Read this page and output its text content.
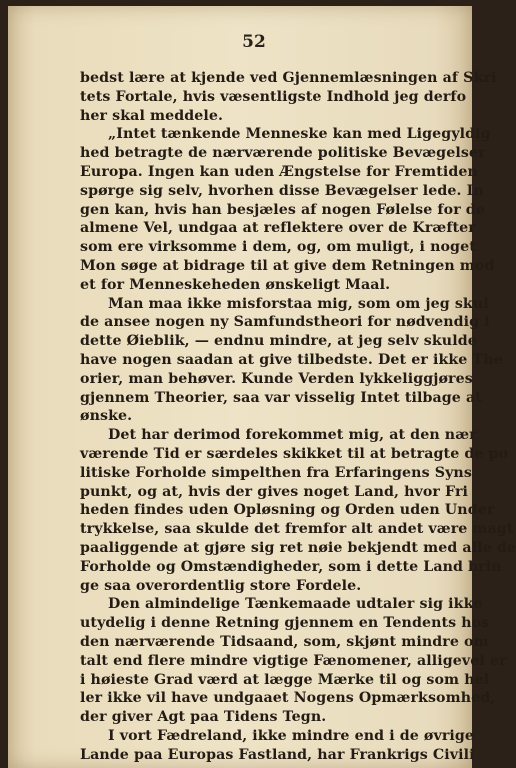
52
bedst lære at kjende ved Gjennemlæsningen af Skri
tets Fortale, hvis væsentligste Indhold jeg derfo
her skal meddele.
„Intet tænkende Menneske kan med Ligegyldig
hed betragte de nærværende politiske Bevægelser
Europa. Ingen kan uden Ængstelse for Fremtiden
spørge sig selv, hvorhen disse Bevægelser lede. In
gen kan, hvis han besjæles af nogen Følelse for de
almene Vel, undgaa at reflektere over de Kræfter
som ere virksomme i dem, og, om muligt, i noget
Mon søge at bidrage til at give dem Retningen mod
et for Menneskeheden ønskeligt Maal.
Man maa ikke misforstaa mig, som om jeg skul
de ansee nogen ny Samfundstheori for nødvendig i
dette Øieblik, — endnu mindre, at jeg selv skulde
have nogen saadan at give tilbedste. Det er ikke The
orier, man behøver. Kunde Verden lykkeliggjøres
gjennem Theorier, saa var visselig Intet tilbage at
ønske.
Det har derimod forekommet mig, at den nær
værende Tid er særdeles skikket til at betragte de po
litiske Forholde simpelthen fra Erfaringens Syns
punkt, og at, hvis der gives noget Land, hvor Fri
heden findes uden Opløsning og Orden uden Under
trykkelse, saa skulde det fremfor alt andet være magt
paaliggende at gjøre sig ret nøie bekjendt med alle de
Forholde og Omstændigheder, som i dette Land brin
ge saa overordentlig store Fordele.
Den almindelige Tænkemaade udtaler sig ikke
utydelig i denne Retning gjennem en Tendents hos
den nærværende Tidsaand, som, skjønt mindre om
talt end flere mindre vigtige Fænomener, alligevel er
i høieste Grad værd at lægge Mærke til og som hel
ler ikke vil have undgaaet Nogens Opmærksomhed,
der giver Agt paa Tidens Tegn.
I vort Fædreland, ikke mindre end i de øvrige
Lande paa Europas Fastland, har Frankrigs Civili
